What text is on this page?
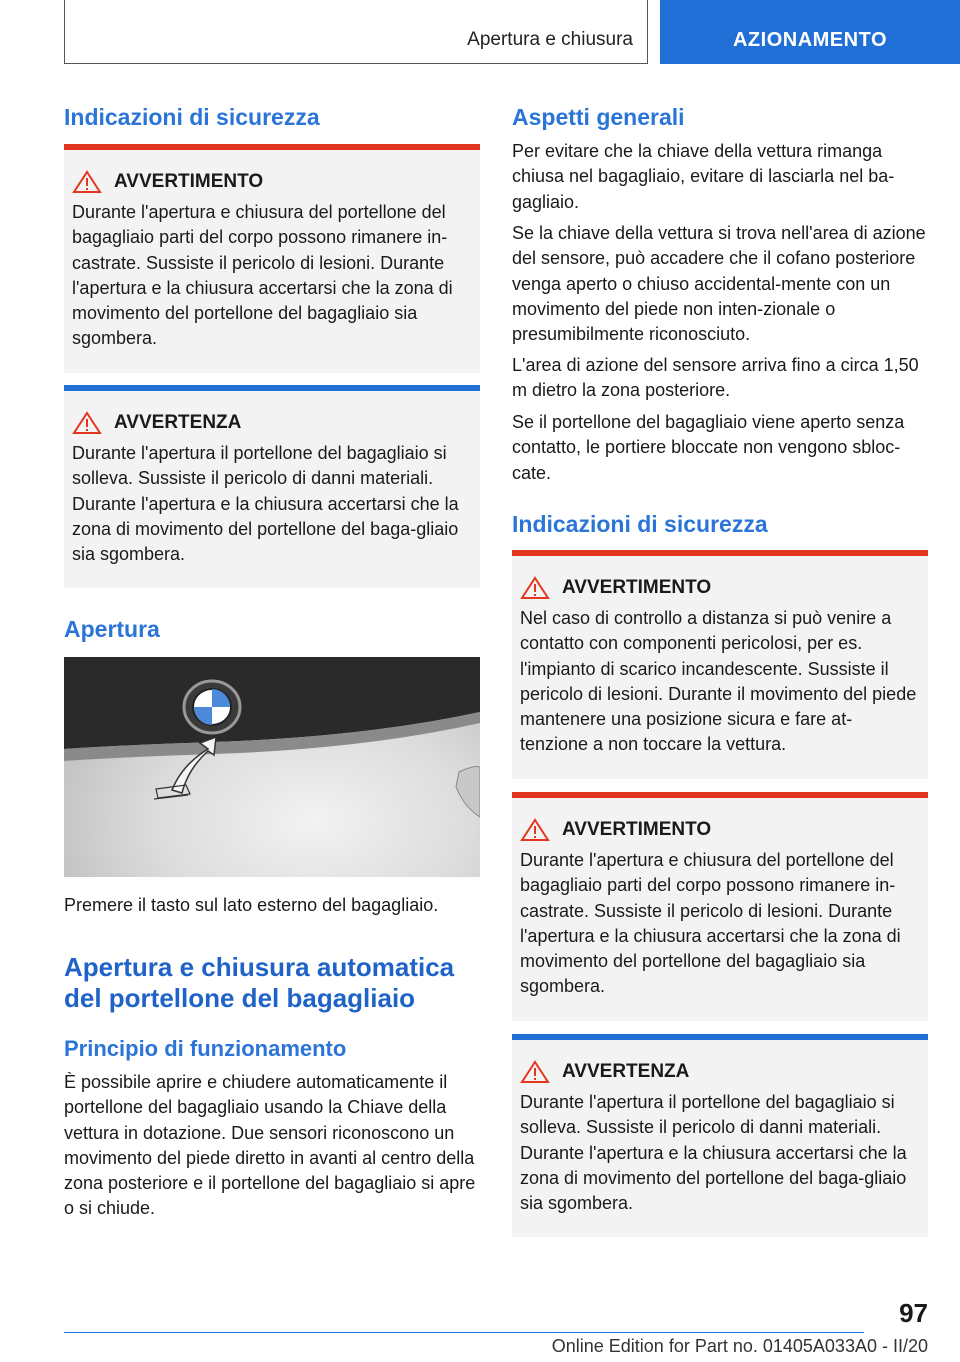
Apertura e chiusura	AZIONAMENTO
Indicazioni di sicurezza
AVVERTIMENTO

Durante l'apertura e chiusura del portellone del bagagliaio parti del corpo possono rimanere in-castrate. Sussiste il pericolo di lesioni. Durante l'apertura e la chiusura accertarsi che la zona di movimento del portellone del bagagliaio sia sgombera.

AVVERTENZA

Durante l'apertura il portellone del bagagliaio si solleva. Sussiste il pericolo di danni materiali. Durante l'apertura e la chiusura accertarsi che la zona di movimento del portellone del baga-gliaio sia sgombera.

Apertura

Premere il tasto sul lato esterno del bagagliaio.

Apertura e chiusura automatica del portellone del bagagliaio
Principio di funzionamento

È possibile aprire e chiudere automaticamente il portellone del bagagliaio usando la Chiave della vettura in dotazione. Due sensori riconoscono un movimento del piede diretto in avanti al centro della zona posteriore e il portellone del bagagliaio si apre o si chiude.

Aspetti generali

Per evitare che la chiave della vettura rimanga chiusa nel bagagliaio, evitare di lasciarla nel ba-gagliaio.

Se la chiave della vettura si trova nell'area di azione del sensore, può accadere che il cofano posteriore venga aperto o chiuso accidental-mente con un movimento del piede non inten-zionale o presumibilmente riconosciuto.

L'area di azione del sensore arriva fino a circa 1,50 m dietro la zona posteriore.

Se il portellone del bagagliaio viene aperto senza contatto, le portiere bloccate non vengono sbloc-cate.

Indicazioni di sicurezza
AVVERTIMENTO

Nel caso di controllo a distanza si può venire a contatto con componenti pericolosi, per es. l'impianto di scarico incandescente. Sussiste il pericolo di lesioni. Durante il movimento del piede mantenere una posizione sicura e fare at-tenzione a non toccare la vettura.

AVVERTIMENTO

Durante l'apertura e chiusura del portellone del bagagliaio parti del corpo possono rimanere in-castrate. Sussiste il pericolo di lesioni. Durante l'apertura e la chiusura accertarsi che la zona di movimento del portellone del bagagliaio sia sgombera.

AVVERTENZA

Durante l'apertura il portellone del bagagliaio si solleva. Sussiste il pericolo di danni materiali. Durante l'apertura e la chiusura accertarsi che la zona di movimento del portellone del baga-gliaio sia sgombera.

97
Online Edition for Part no. 01405A033A0 - II/20
